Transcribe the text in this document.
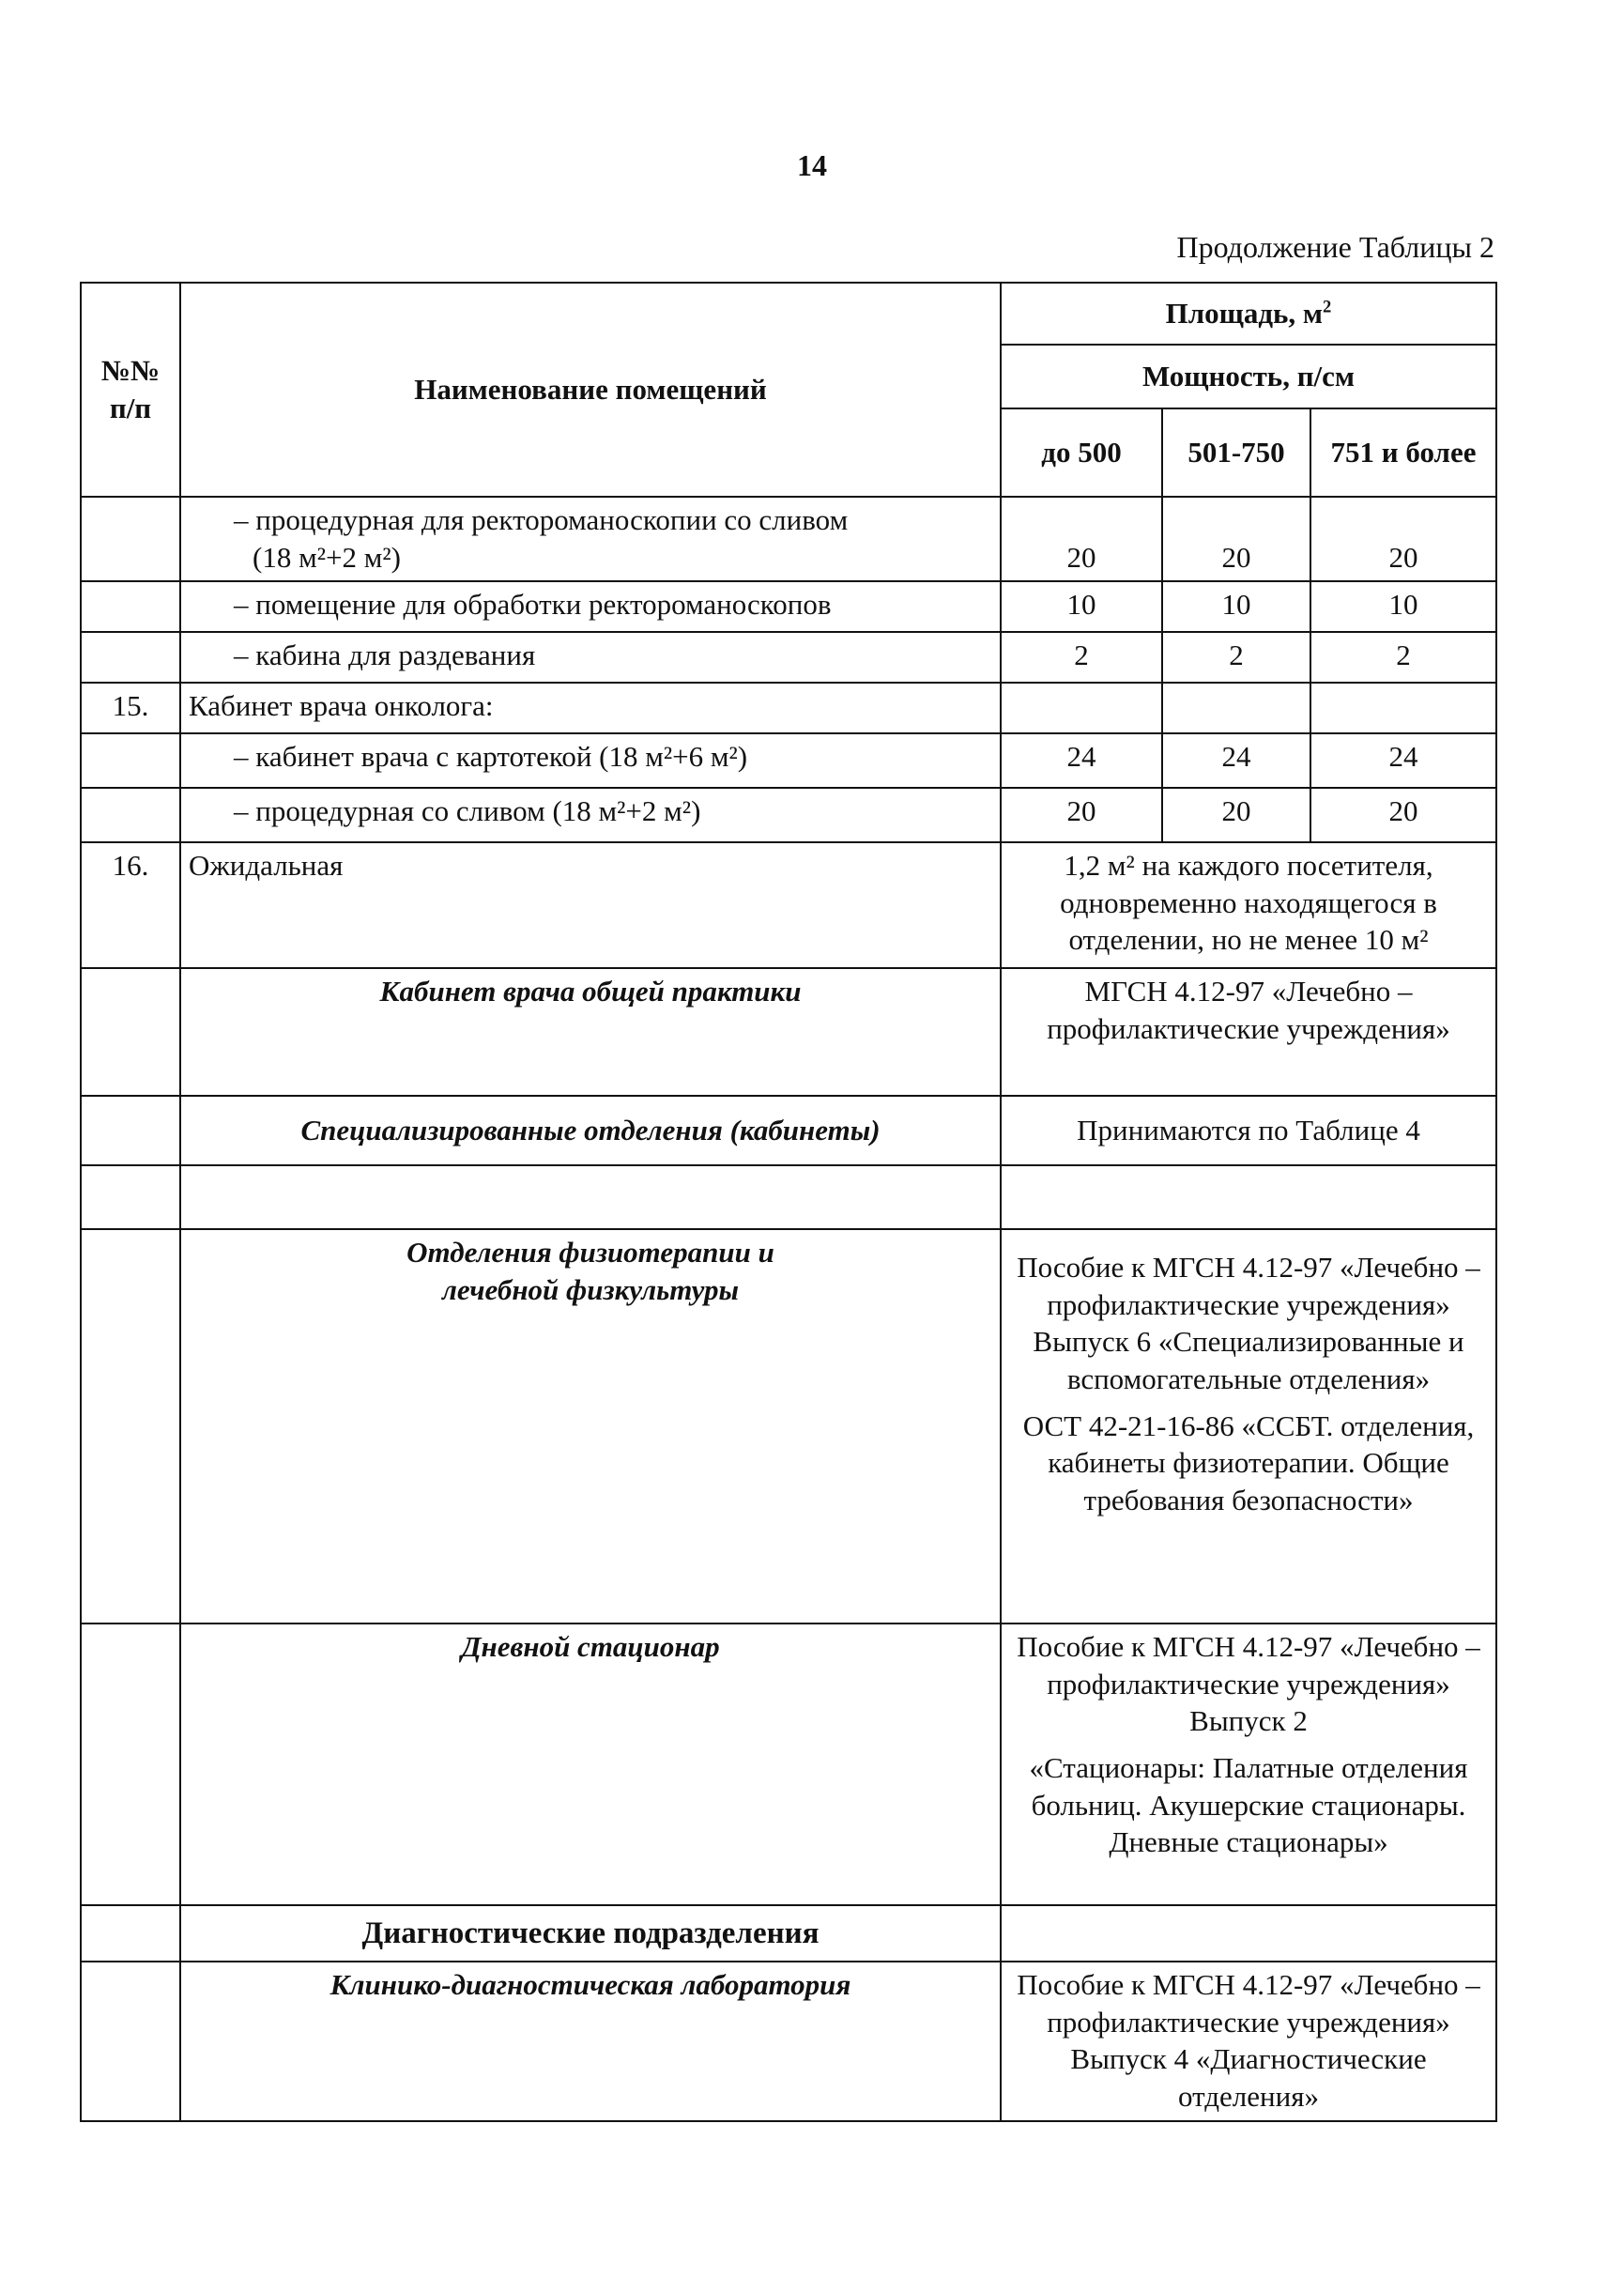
14
Продолжение Таблицы 2
№№ п/п	Наименование помещений	Площадь, $м^2$
		Мощность, п/см		
		до 500	501-750	751 и более

	– процедурная для ректороманоскопии со сливом
(18 м²+2 м²)	20	20	20
	– помещение для обработки ректороманоскопов	10	10	10
	– кабина для раздевания	2	2	2
15.	Кабинет врача онколога:			
	– кабинет врача с картотекой (18 м²+6 м²)	24	24	24
	– процедурная со сливом (18 м²+2 м²)	20	20	20
16.	Ожидальная	1,2 м² на каждого посетителя, одновременно находящегося в отделении, но не менее 10 м²		

	Кабинет врача общей практики	МГСН 4.12-97 «Лечебно – профилактические учреждения»		

	Специализированные отделения (кабинеты)	Принимаются по Таблице 4		

	Отделения физиотерапии и лечебной физкультуры	Пособие к МГСН 4.12-97 «Лечебно – профилактические учреждения» Выпуск 6 «Специализированные и вспомогательные отделения»

ОСТ 42-21-16-86 «ССБТ. отделения, кабинеты физиотерапии. Общие требования безопасности»		

	Дневной стационар	Пособие к МГСН 4.12-97 «Лечебно – профилактические учреждения» Выпуск 2

«Стационары: Палатные отделения больниц. Акушерские стационары. Дневные стационары»		

	Диагностические подразделения			
	Клинико-диагностическая лаборатория	Пособие к МГСН 4.12-97 «Лечебно – профилактические учреждения» Выпуск 4 «Диагностические отделения»		
